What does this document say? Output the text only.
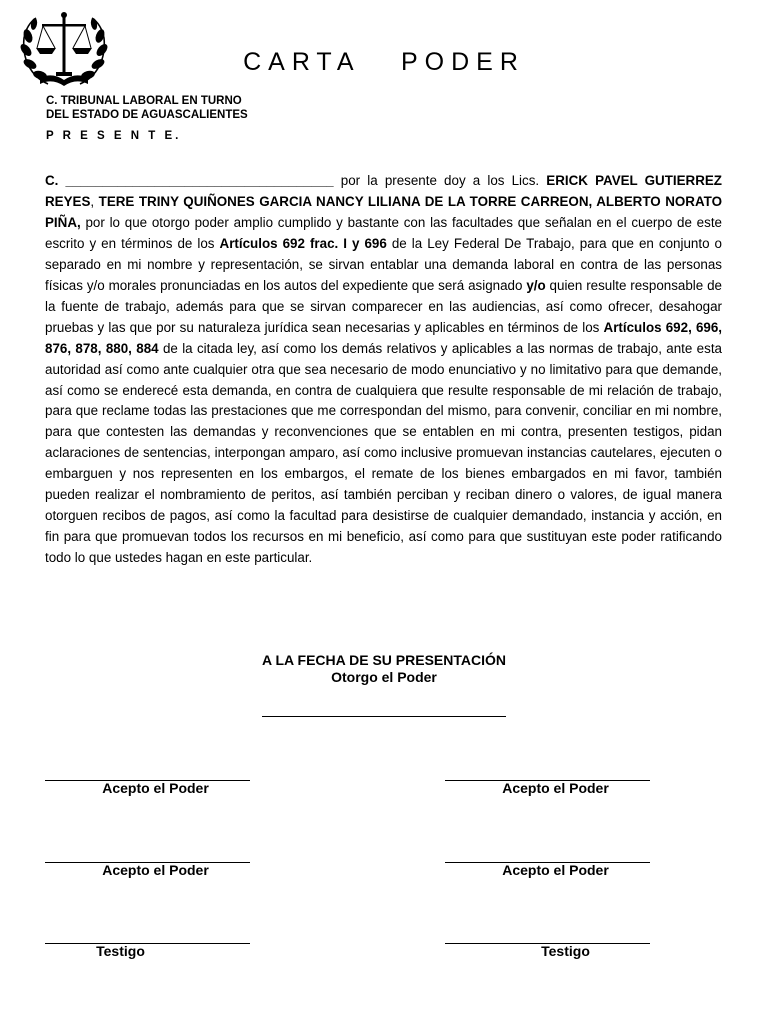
CARTA   PODER
C. TRIBUNAL LABORAL EN TURNO
DEL ESTADO DE AGUASCALIENTES
P R E S E N T E.

C. ____________________________________ por la presente doy a los Lics. ERICK PAVEL GUTIERREZ REYES, TERE TRINY QUIÑONES GARCIA NANCY LILIANA DE LA TORRE CARREON, ALBERTO NORATO PIÑA, por lo que otorgo poder amplio cumplido y bastante con las facultades que señalan en el cuerpo de este escrito y en términos de los Artículos 692 frac. I y 696 de la Ley Federal De Trabajo, para que en conjunto o separado en mi nombre y representación, se sirvan entablar una demanda laboral en contra de las personas físicas y/o morales pronunciadas en los autos del expediente que será asignado y/o quien resulte responsable de la fuente de trabajo, además para que se sirvan comparecer en las audiencias, así como ofrecer, desahogar pruebas y las que por su naturaleza jurídica sean necesarias y aplicables en términos de los Artículos 692, 696, 876, 878, 880, 884 de la citada ley, así como los demás relativos y aplicables a las normas de trabajo, ante esta autoridad así como ante cualquier otra que sea necesario de modo enunciativo y no limitativo para que demande, así como se enderecé esta demanda, en contra de cualquiera que resulte responsable de mi relación de trabajo, para que reclame todas las prestaciones que me correspondan del mismo, para convenir, conciliar en mi nombre, para que contesten las demandas y reconvenciones que se entablen en mi contra, presenten testigos, pidan aclaraciones de sentencias, interpongan amparo, así como inclusive promuevan instancias cautelares, ejecuten o embarguen y nos representen en los embargos, el remate de los bienes embargados en mi favor, también pueden realizar el nombramiento de peritos, así también perciban y reciban dinero o valores, de igual manera otorguen recibos de pagos, así como la facultad para desistirse de cualquier demandado, instancia y acción, en fin para que promuevan todos los recursos en mi beneficio, así como para que sustituyan este poder ratificando todo lo que ustedes hagan en este particular.

A LA FECHA DE SU PRESENTACIÓN
Otorgo el Poder
Acepto el Poder	Acepto el Poder
Acepto el Poder	Acepto el Poder
Testigo	Testigo
